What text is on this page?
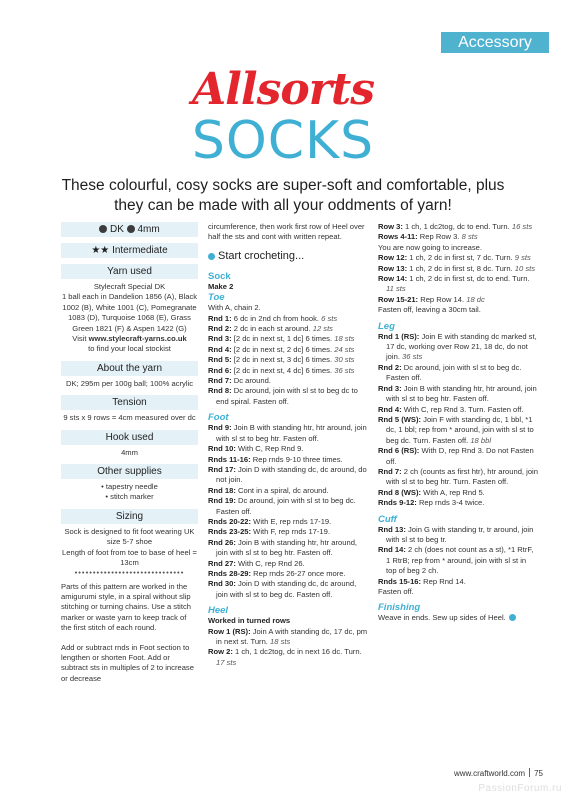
Accessory
Allsorts
SOCKS
These colourful, cosy socks are super-soft and comfortable, plus they can be made with all your oddments of yarn!
DK 4mm
★★ Intermediate
Yarn used
Stylecraft Special DK
1 ball each in Dandelion 1856 (A), Black 1002 (B), White 1001 (C), Pomegranate 1083 (D), Turquoise 1068 (E), Grass Green 1821 (F) & Aspen 1422 (G)
Visit www.stylecraft-yarns.co.uk
to find your local stockist
About the yarn
DK; 295m per 100g ball; 100% acrylic
Tension
9 sts x 9 rows = 4cm measured over dc
Hook used
4mm
Other supplies
• tapestry needle
• stitch marker
Sizing
Sock is designed to fit foot wearing UK size 5-7 shoe
Length of foot from toe to base of heel = 13cm
••••••••••••••••••••••••••••••
Parts of this pattern are worked in the amigurumi style, in a spiral without slip stitching or turning chains. Use a stitch marker or waste yarn to keep track of the first stitch of each round.
Add or subtract rnds in Foot section to lengthen or shorten Foot. Add or subtract sts in multiples of 2 to increase or decrease
circumference, then work first row of Heel over half the sts and cont with written repeat.
Start crocheting...
Sock
Make 2
Toe
With A, chain 2.
Rnd 1: 6 dc in 2nd ch from hook. 6 sts
Rnd 2: 2 dc in each st around. 12 sts
Rnd 3: [2 dc in next st, 1 dc] 6 times. 18 sts
Rnd 4: [2 dc in next st, 2 dc] 6 times. 24 sts
Rnd 5: [2 dc in next st, 3 dc] 6 times. 30 sts
Rnd 6: [2 dc in next st, 4 dc] 6 times. 36 sts
Rnd 7: Dc around.
Rnd 8: Dc around, join with sl st to beg dc to end spiral. Fasten off.
Foot
Rnd 9: Join B with standing htr, htr around, join with sl st to beg htr. Fasten off.
Rnd 10: With C, Rep Rnd 9.
Rnds 11-16: Rep rnds 9-10 three times.
Rnd 17: Join D with standing dc, dc around, do not join.
Rnd 18: Cont in a spiral, dc around.
Rnd 19: Dc around, join with sl st to beg dc. Fasten off.
Rnds 20-22: With E, rep rnds 17-19.
Rnds 23-25: With F, rep rnds 17-19.
Rnd 26: Join B with standing htr, htr around, join with sl st to beg htr. Fasten off.
Rnd 27: With C, rep Rnd 26.
Rnds 28-29: Rep rnds 26-27 once more.
Rnd 30: Join D with standing dc, dc around, join with sl st to beg dc. Fasten off.
Heel
Worked in turned rows
Row 1 (RS): Join A with standing dc, 17 dc, pm in next st. Turn. 18 sts
Row 2: 1 ch, 1 dc2tog, dc in next 16 dc. Turn. 17 sts
Row 3: 1 ch, 1 dc2tog, dc to end. Turn. 16 sts
Rows 4-11: Rep Row 3. 8 sts
You are now going to increase.
Row 12: 1 ch, 2 dc in first st, 7 dc. Turn. 9 sts
Row 13: 1 ch, 2 dc in first st, 8 dc. Turn. 10 sts
Row 14: 1 ch, 2 dc in first st, dc to end. Turn. 11 sts
Row 15-21: Rep Row 14. 18 dc
Fasten off, leaving a 30cm tail.
Leg
Rnd 1 (RS): Join E with standing dc marked st, 17 dc, working over Row 21, 18 dc, do not join. 36 sts
Rnd 2: Dc around, join with sl st to beg dc. Fasten off.
Rnd 3: Join B with standing htr, htr around, join with sl st to beg htr. Fasten off.
Rnd 4: With C, rep Rnd 3. Turn. Fasten off.
Rnd 5 (WS): Join F with standing dc, 1 bbl, *1 dc, 1 bbl; rep from * around, join with sl st to beg dc. Turn. Fasten off. 18 bbl
Rnd 6 (RS): With D, rep Rnd 3. Do not Fasten off.
Rnd 7: 2 ch (counts as first htr), htr around, join with sl st to beg htr. Turn. Fasten off.
Rnd 8 (WS): With A, rep Rnd 5.
Rnds 9-12: Rep rnds 3-4 twice.
Cuff
Rnd 13: Join G with standing tr, tr around, join with sl st to beg tr.
Rnd 14: 2 ch (does not count as a st), *1 RtrF, 1 RtrB; rep from * around, join with sl st in top of beg 2 ch.
Rnds 15-16: Rep Rnd 14.
Fasten off.
Finishing
Weave in ends. Sew up sides of Heel.
www.craftworld.com 75
PassionForum.ru
